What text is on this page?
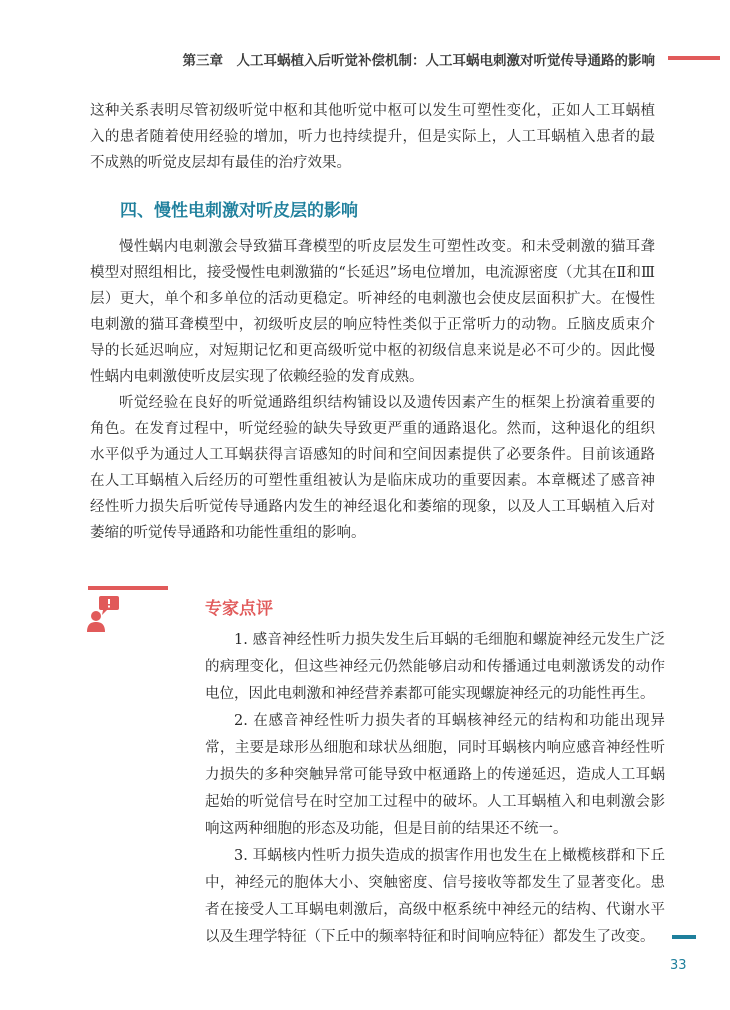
第三章　人工耳蜗植入后听觉补偿机制：人工耳蜗电刺激对听觉传导通路的影响

这种关系表明尽管初级听觉中枢和其他听觉中枢可以发生可塑性变化，正如人工耳蜗植入的患者随着使用经验的增加，听力也持续提升，但是实际上，人工耳蜗植入患者的最不成熟的听觉皮层却有最佳的治疗效果。

四、慢性电刺激对听皮层的影响

慢性蜗内电刺激会导致猫耳聋模型的听皮层发生可塑性改变。和未受刺激的猫耳聋模型对照组相比，接受慢性电刺激猫的“长延迟”场电位增加，电流源密度（尤其在Ⅱ和Ⅲ层）更大，单个和多单位的活动更稳定。听神经的电刺激也会使皮层面积扩大。在慢性电刺激的猫耳聋模型中，初级听皮层的响应特性类似于正常听力的动物。丘脑皮质束介导的长延迟响应，对短期记忆和更高级听觉中枢的初级信息来说是必不可少的。因此慢性蜗内电刺激使听皮层实现了依赖经验的发育成熟。

听觉经验在良好的听觉通路组织结构铺设以及遗传因素产生的框架上扮演着重要的角色。在发育过程中，听觉经验的缺失导致更严重的通路退化。然而，这种退化的组织水平似乎为通过人工耳蜗获得言语感知的时间和空间因素提供了必要条件。目前该通路在人工耳蜗植入后经历的可塑性重组被认为是临床成功的重要因素。本章概述了感音神经性听力损失后听觉传导通路内发生的神经退化和萎缩的现象，以及人工耳蜗植入后对萎缩的听觉传导通路和功能性重组的影响。

专家点评

1. 感音神经性听力损失发生后耳蜗的毛细胞和螺旋神经元发生广泛的病理变化，但这些神经元仍然能够启动和传播通过电刺激诱发的动作电位，因此电刺激和神经营养素都可能实现螺旋神经元的功能性再生。

2. 在感音神经性听力损失者的耳蜗核神经元的结构和功能出现异常，主要是球形丛细胞和球状丛细胞，同时耳蜗核内响应感音神经性听力损失的多种突触异常可能导致中枢通路上的传递延迟，造成人工耳蜗起始的听觉信号在时空加工过程中的破坏。人工耳蜗植入和电刺激会影响这两种细胞的形态及功能，但是目前的结果还不统一。

3. 耳蜗核内性听力损失造成的损害作用也发生在上橄榄核群和下丘中，神经元的胞体大小、突触密度、信号接收等都发生了显著变化。患者在接受人工耳蜗电刺激后，高级中枢系统中神经元的结构、代谢水平以及生理学特征（下丘中的频率特征和时间响应特征）都发生了改变。

33
